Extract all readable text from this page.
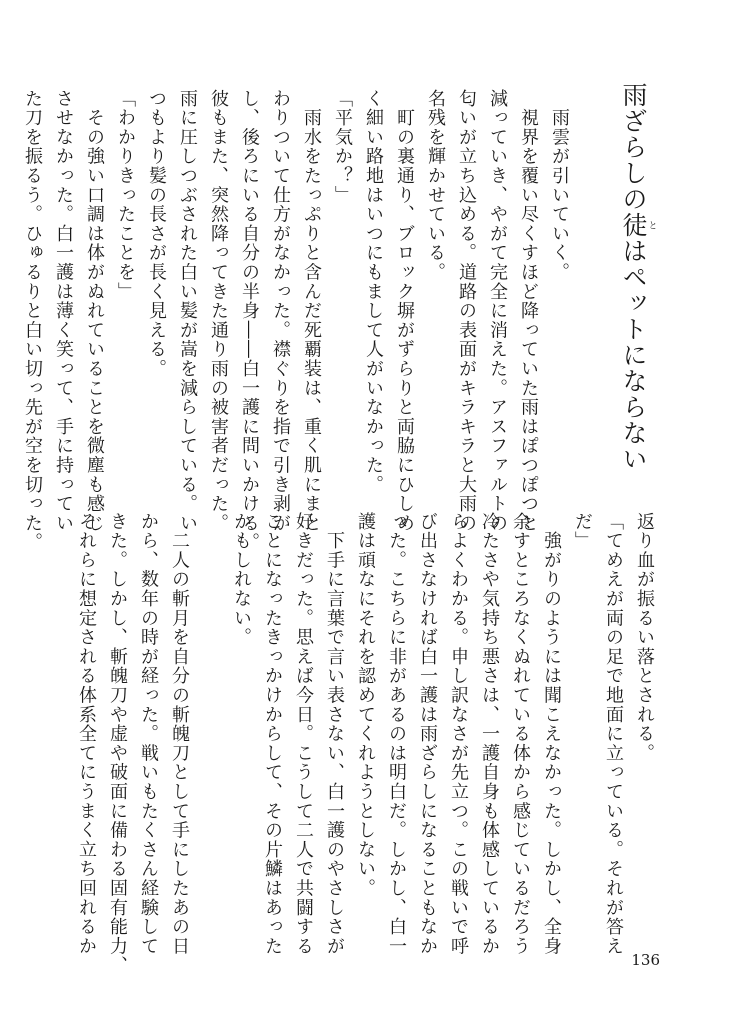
雨ざらしの徒とはペットにならない

　雨雲が引いていく。

　視界を覆い尽くすほど降っていた雨はぽつぽつと

減っていき、やがて完全に消えた。アスファルトの

匂いが立ち込める。道路の表面がキラキラと大雨の

名残を輝かせている。

　町の裏通り、ブロック塀がずらりと両脇にひしめ

く細い路地はいつにもまして人がいなかった。

「平気か？」

　雨水をたっぷりと含んだ死覇装は、重く肌にまと

わりついて仕方がなかった。襟ぐりを指で引き剥が

し、後ろにいる自分の半身――白一護に問いかける。

彼もまた、突然降ってきた通り雨の被害者だった。

雨に圧しつぶされた白い髪が嵩を減らしている。い

つもより髪の長さが長く見える。

「わかりきったことを」

　その強い口調は体がぬれていることを微塵も感じ

させなかった。白一護は薄く笑って、手に持ってい

た刀を振るう。ひゅるりと白い切っ先が空を切った。

返り血が振るい落とされる。

「てめえが両の足で地面に立っている。それが答え

だ」

　強がりのようには聞こえなかった。しかし、全身

余すところなくぬれている体から感じているだろう

冷たさや気持ち悪さは、一護自身も体感しているか

らよくわかる。申し訳なさが先立つ。この戦いで呼

び出さなければ白一護は雨ざらしになることもなか

った。こちらに非があるのは明白だ。しかし、白一

護は頑なにそれを認めてくれようとしない。

　下手に言葉で言い表さない、白一護のやさしさが

好きだった。思えば今日。こうして二人で共闘する

ことになったきっかけからして、その片鱗はあった

かもしれない。

　二人の斬月を自分の斬魄刀として手にしたあの日

から、数年の時が経った。戦いもたくさん経験して

きた。しかし、斬魄刀や虚や破面に備わる固有能力、

それらに想定される体系全てにうまく立ち回れるか

136
